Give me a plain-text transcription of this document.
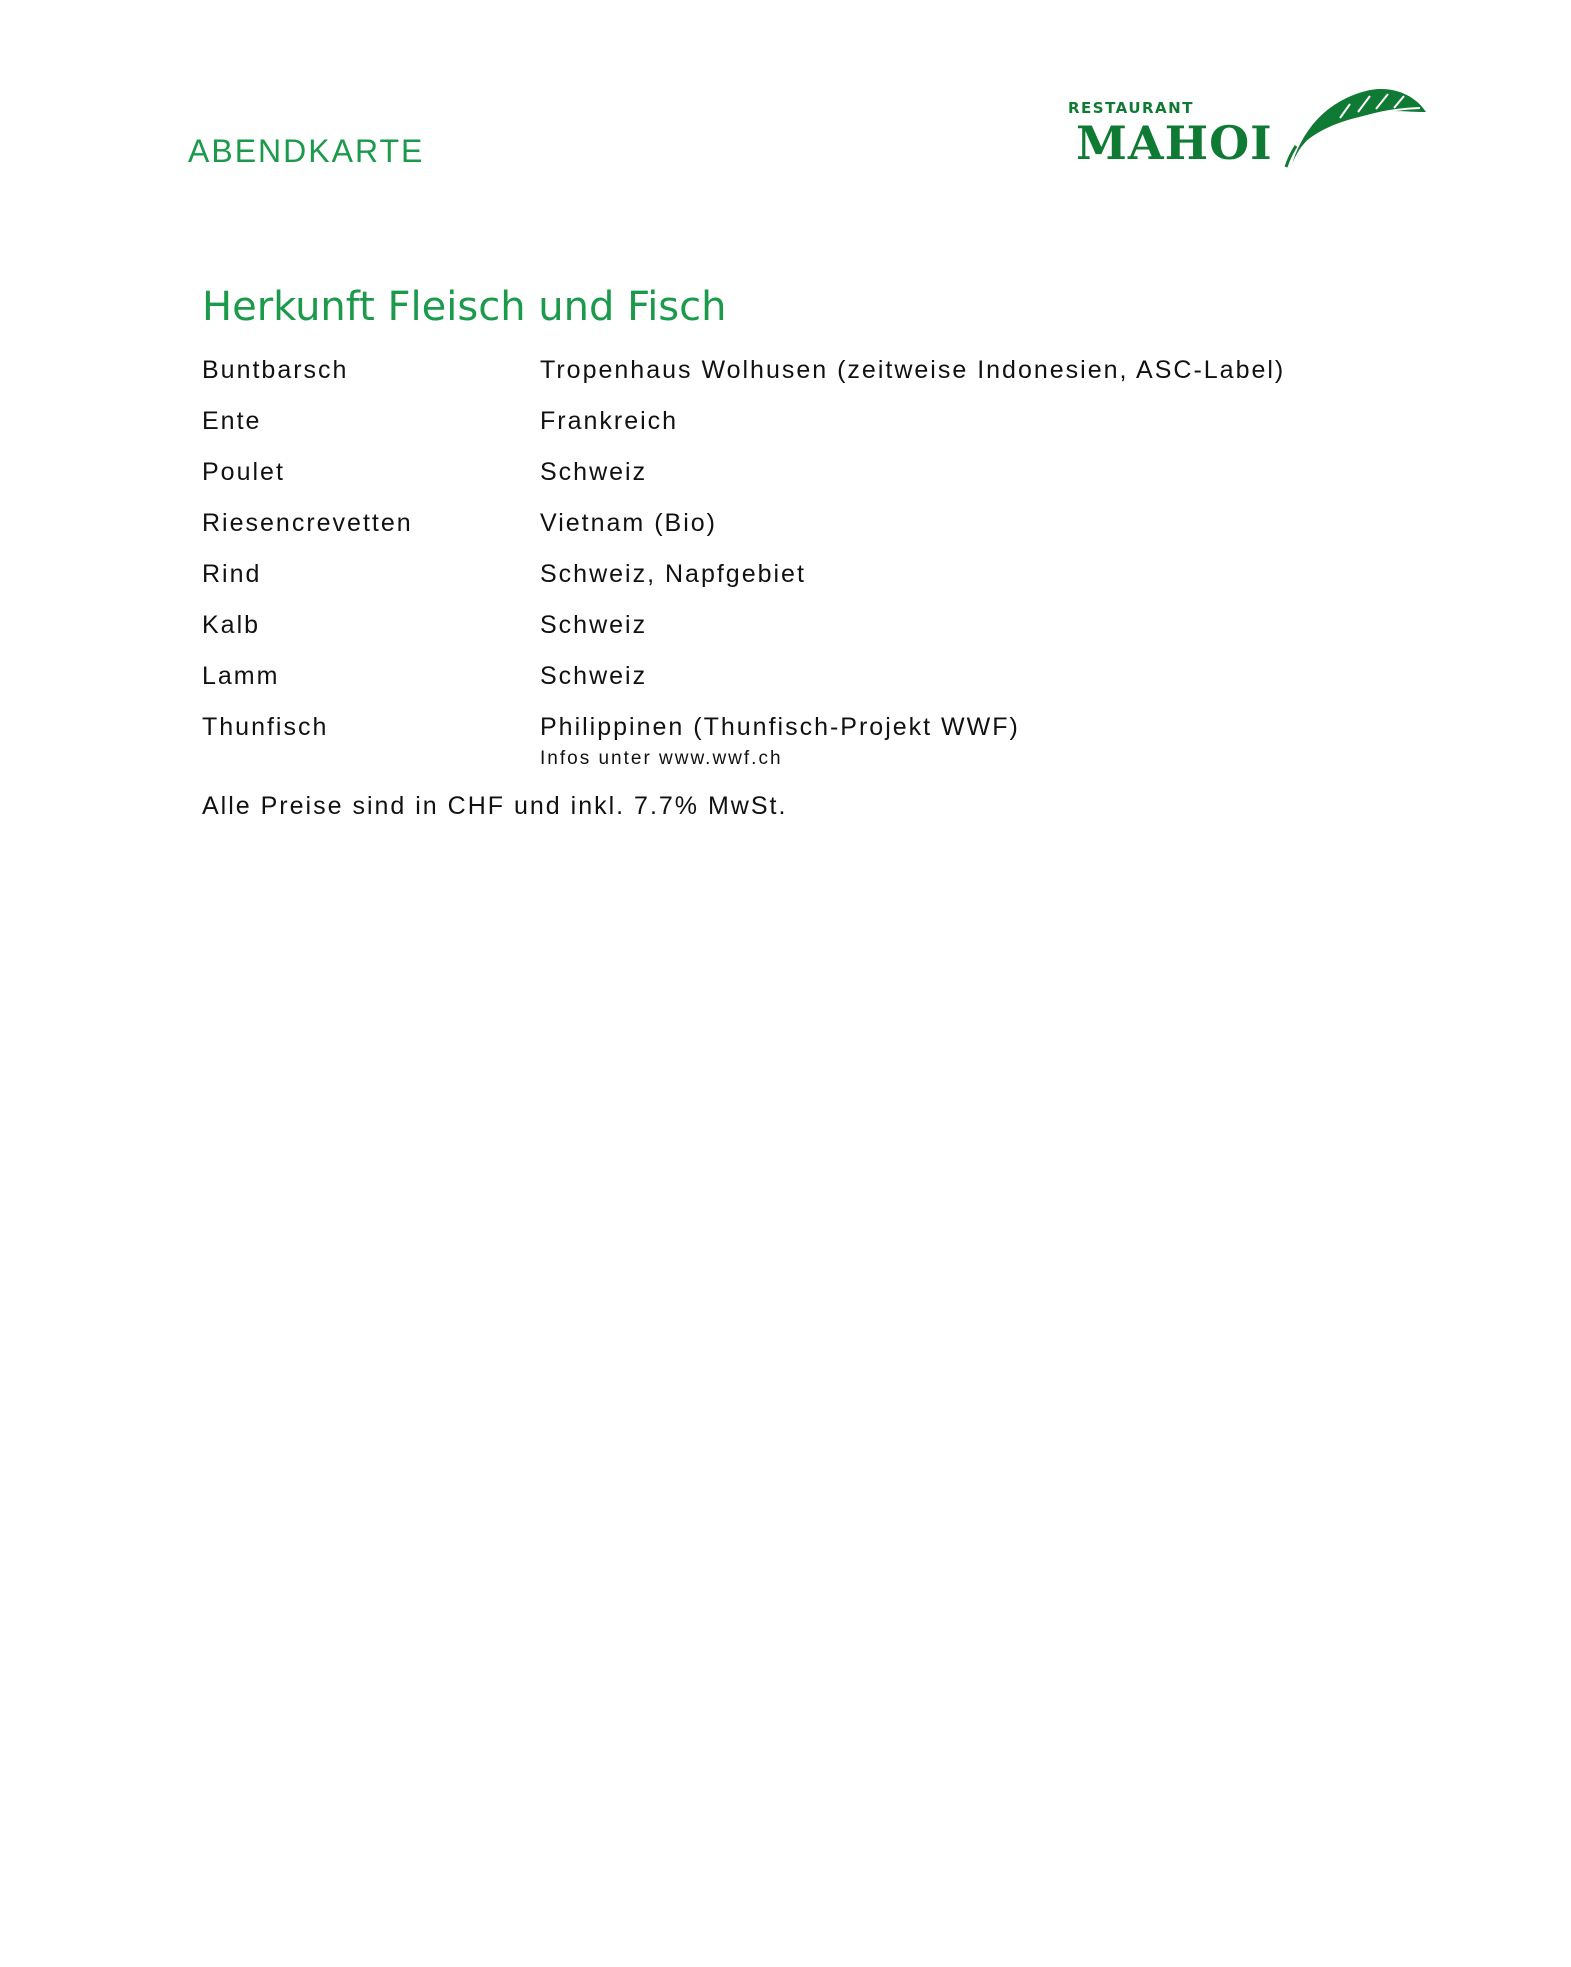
ABENDKARTE
RESTAURANT
MAHOI
Herkunft Fleisch und Fisch
Buntbarsch	Tropenhaus Wolhusen (zeitweise Indonesien, ASC-Label)
Ente	Frankreich
Poulet	Schweiz
Riesencrevetten	Vietnam (Bio)
Rind	Schweiz, Napfgebiet
Kalb	Schweiz
Lamm	Schweiz
Thunfisch	Philippinen (Thunfisch-Projekt WWF)
Infos unter www.wwf.ch
Alle Preise sind in CHF und inkl. 7.7% MwSt.
